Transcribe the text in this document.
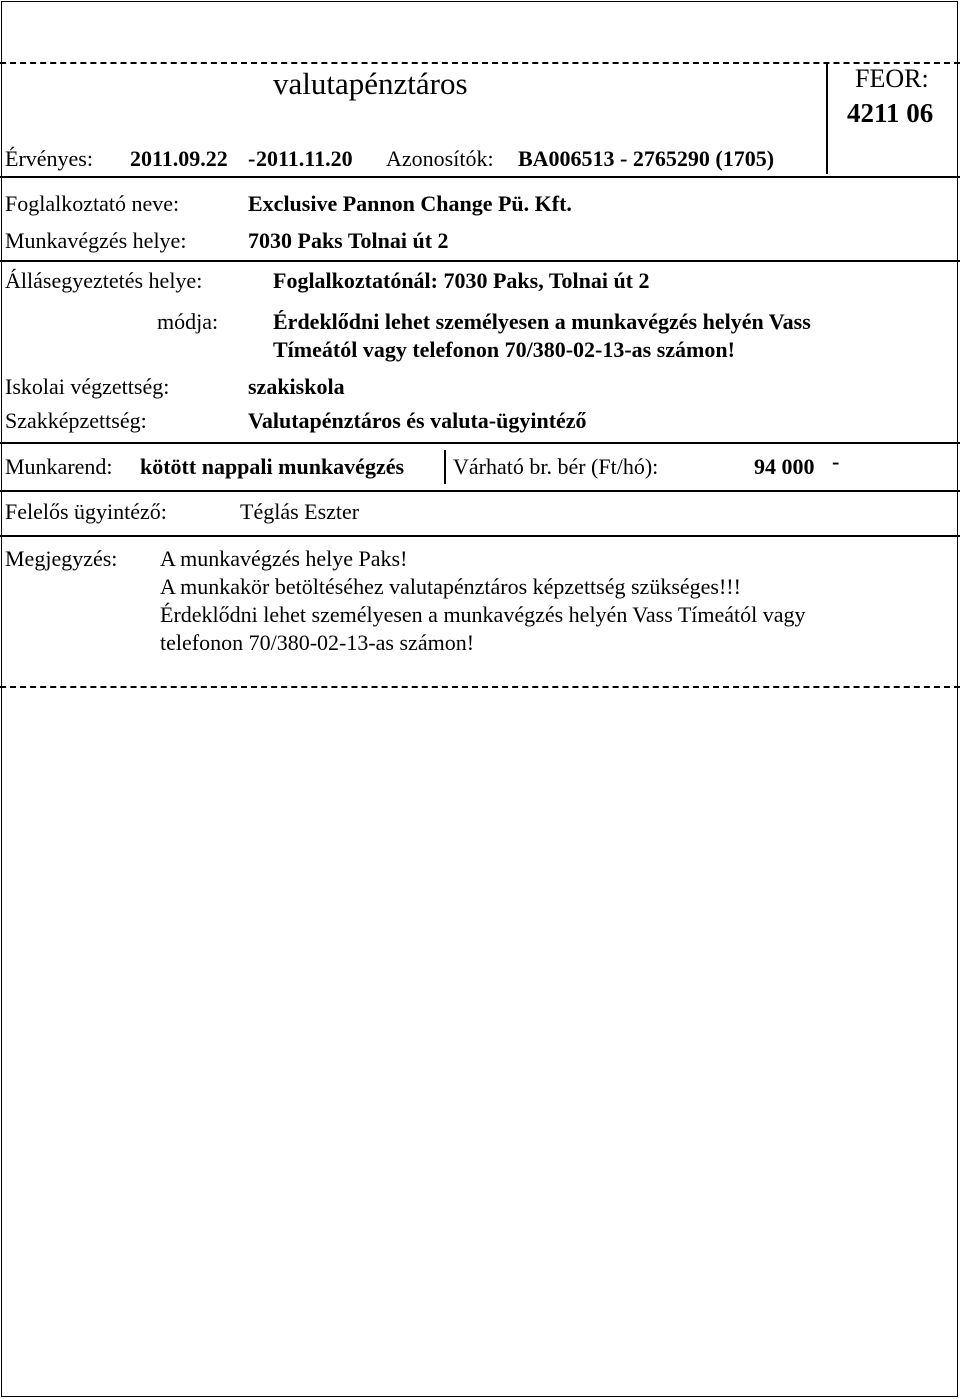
valutapénztáros	FEOR:
4211 06
Érvényes: 2011.09.22 - 2011.11.20 Azonosítók: BA006513 - 2765290 (1705)
Foglalkoztató neve:	Exclusive Pannon Change Pü. Kft.
Munkavégzés helye:	7030 Paks Tolnai út 2
Állásegyeztetés helye:	Foglalkoztatónál: 7030 Paks, Tolnai út 2
módja: Érdeklődni lehet személyesen a munkavégzés helyén Vass
Tímeától vagy telefonon 70/380-02-13-as számon!
Iskolai végzettség:	szakiskola
Szakképzettség:	Valutapénztáros és valuta-ügyintéző
Munkarend: kötött nappali munkavégzés Várható br. bér (Ft/hó):	94 000 -
Felelős ügyintéző:	Téglás Eszter
Megjegyzés: A munkavégzés helye Paks!
A munkakör betöltéséhez valutapénztáros képzettség szükséges!!!
Érdeklődni lehet személyesen a munkavégzés helyén Vass Tímeától vagy
telefonon 70/380-02-13-as számon!
